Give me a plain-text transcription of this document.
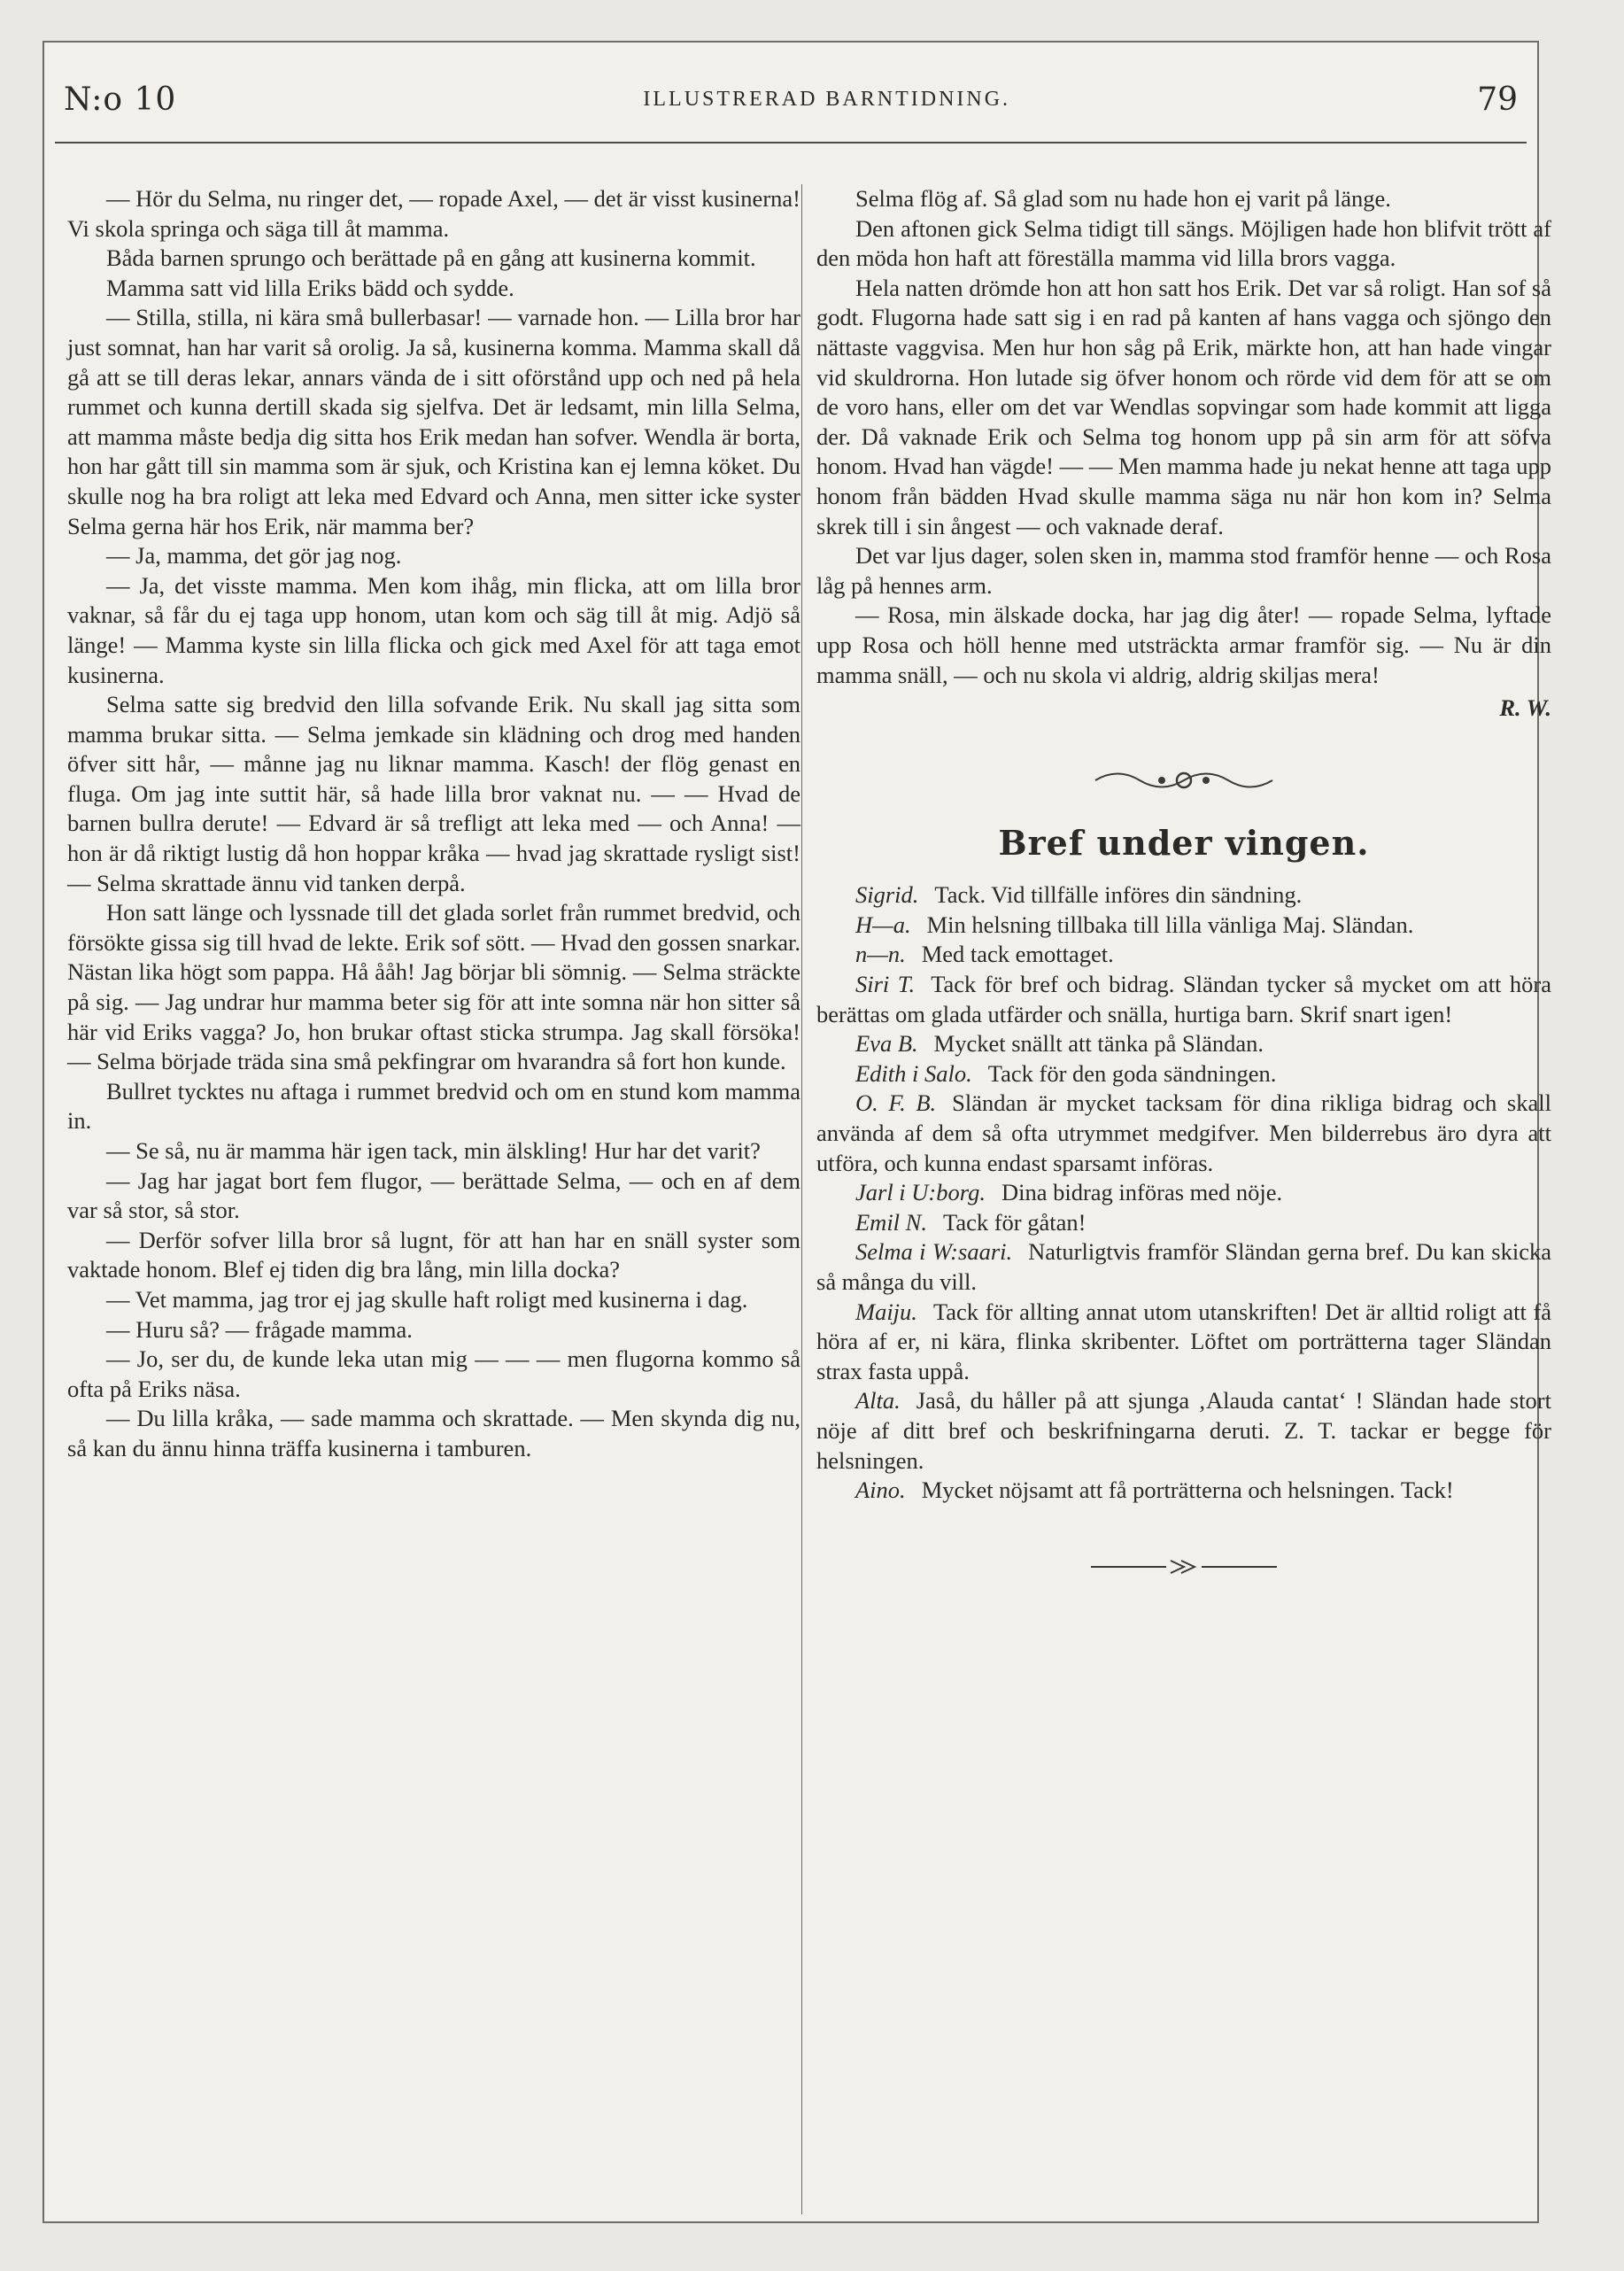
N:o 10	ILLUSTRERAD BARNTIDNING.	79

— Hör du Selma, nu ringer det, — ropade Axel, — det är visst kusinerna! Vi skola springa och säga till åt mamma.

Båda barnen sprungo och berättade på en gång att kusinerna kommit.

Mamma satt vid lilla Eriks bädd och sydde.

— Stilla, stilla, ni kära små bullerbasar! — varnade hon. — Lilla bror har just somnat, han har varit så orolig. Ja så, kusinerna komma. Mamma skall då gå att se till deras lekar, annars vända de i sitt oförstånd upp och ned på hela rummet och kunna dertill skada sig sjelfva. Det är ledsamt, min lilla Selma, att mamma måste bedja dig sitta hos Erik medan han sofver. Wendla är borta, hon har gått till sin mamma som är sjuk, och Kristina kan ej lemna köket. Du skulle nog ha bra roligt att leka med Edvard och Anna, men sitter icke syster Selma gerna här hos Erik, när mamma ber?

— Ja, mamma, det gör jag nog.

— Ja, det visste mamma. Men kom ihåg, min flicka, att om lilla bror vaknar, så får du ej taga upp honom, utan kom och säg till åt mig. Adjö så länge! — Mamma kyste sin lilla flicka och gick med Axel för att taga emot kusinerna.

Selma satte sig bredvid den lilla sofvande Erik. Nu skall jag sitta som mamma brukar sitta. — Selma jemkade sin klädning och drog med handen öfver sitt hår, — månne jag nu liknar mamma. Kasch! der flög genast en fluga. Om jag inte suttit här, så hade lilla bror vaknat nu. — — Hvad de barnen bullra derute! — Edvard är så trefligt att leka med — och Anna! — hon är då riktigt lustig då hon hoppar kråka — hvad jag skrattade rysligt sist! — Selma skrattade ännu vid tanken derpå.

Hon satt länge och lyssnade till det glada sorlet från rummet bredvid, och försökte gissa sig till hvad de lekte. Erik sof sött. — Hvad den gossen snarkar. Nästan lika högt som pappa. Hå ååh! Jag börjar bli sömnig. — Selma sträckte på sig. — Jag undrar hur mamma beter sig för att inte somna när hon sitter så här vid Eriks vagga? Jo, hon brukar oftast sticka strumpa. Jag skall försöka! — Selma började träda sina små pekfingrar om hvarandra så fort hon kunde.

Bullret tycktes nu aftaga i rummet bredvid och om en stund kom mamma in.

— Se så, nu är mamma här igen tack, min älskling! Hur har det varit?

— Jag har jagat bort fem flugor, — berättade Selma, — och en af dem var så stor, så stor.

— Derför sofver lilla bror så lugnt, för att han har en snäll syster som vaktade honom. Blef ej tiden dig bra lång, min lilla docka?

— Vet mamma, jag tror ej jag skulle haft roligt med kusinerna i dag.

— Huru så? — frågade mamma.

— Jo, ser du, de kunde leka utan mig — — — men flugorna kommo så ofta på Eriks näsa.

— Du lilla kråka, — sade mamma och skrattade. — Men skynda dig nu, så kan du ännu hinna träffa kusinerna i tamburen.

Selma flög af. Så glad som nu hade hon ej varit på länge.

Den aftonen gick Selma tidigt till sängs. Möjligen hade hon blifvit trött af den möda hon haft att föreställa mamma vid lilla brors vagga.

Hela natten drömde hon att hon satt hos Erik. Det var så roligt. Han sof så godt. Flugorna hade satt sig i en rad på kanten af hans vagga och sjöngo den nättaste vaggvisa. Men hur hon såg på Erik, märkte hon, att han hade vingar vid skuldrorna. Hon lutade sig öfver honom och rörde vid dem för att se om de voro hans, eller om det var Wendlas sopvingar som hade kommit att ligga der. Då vaknade Erik och Selma tog honom upp på sin arm för att söfva honom. Hvad han vägde! — — Men mamma hade ju nekat henne att taga upp honom från bädden Hvad skulle mamma säga nu när hon kom in? Selma skrek till i sin ångest — och vaknade deraf.

Det var ljus dager, solen sken in, mamma stod framför henne — och Rosa låg på hennes arm.

— Rosa, min älskade docka, har jag dig åter! — ropade Selma, lyftade upp Rosa och höll henne med utsträckta armar framför sig. — Nu är din mamma snäll, — och nu skola vi aldrig, aldrig skiljas mera!

R. W.

Bref under vingen.

Sigrid. Tack. Vid tillfälle införes din sändning.

H—a. Min helsning tillbaka till lilla vänliga Maj. Sländan.

n—n. Med tack emottaget.

Siri T. Tack för bref och bidrag. Sländan tycker så mycket om att höra berättas om glada utfärder och snälla, hurtiga barn. Skrif snart igen!

Eva B. Mycket snällt att tänka på Sländan.

Edith i Salo. Tack för den goda sändningen.

O. F. B. Sländan är mycket tacksam för dina rikliga bidrag och skall använda af dem så ofta utrymmet medgifver. Men bilderrebus äro dyra att utföra, och kunna endast sparsamt införas.

Jarl i U:borg. Dina bidrag införas med nöje.

Emil N. Tack för gåtan!

Selma i W:saari. Naturligtvis framför Sländan gerna bref. Du kan skicka så många du vill.

Maiju. Tack för allting annat utom utanskriften! Det är alltid roligt att få höra af er, ni kära, flinka skribenter. Löftet om porträtterna tager Sländan strax fasta uppå.

Alta. Jaså, du håller på att sjunga ‚Alauda cantat‘ ! Sländan hade stort nöje af ditt bref och beskrifningarna deruti. Z. T. tackar er begge för helsningen.

Aino. Mycket nöjsamt att få porträtterna och helsningen. Tack!
